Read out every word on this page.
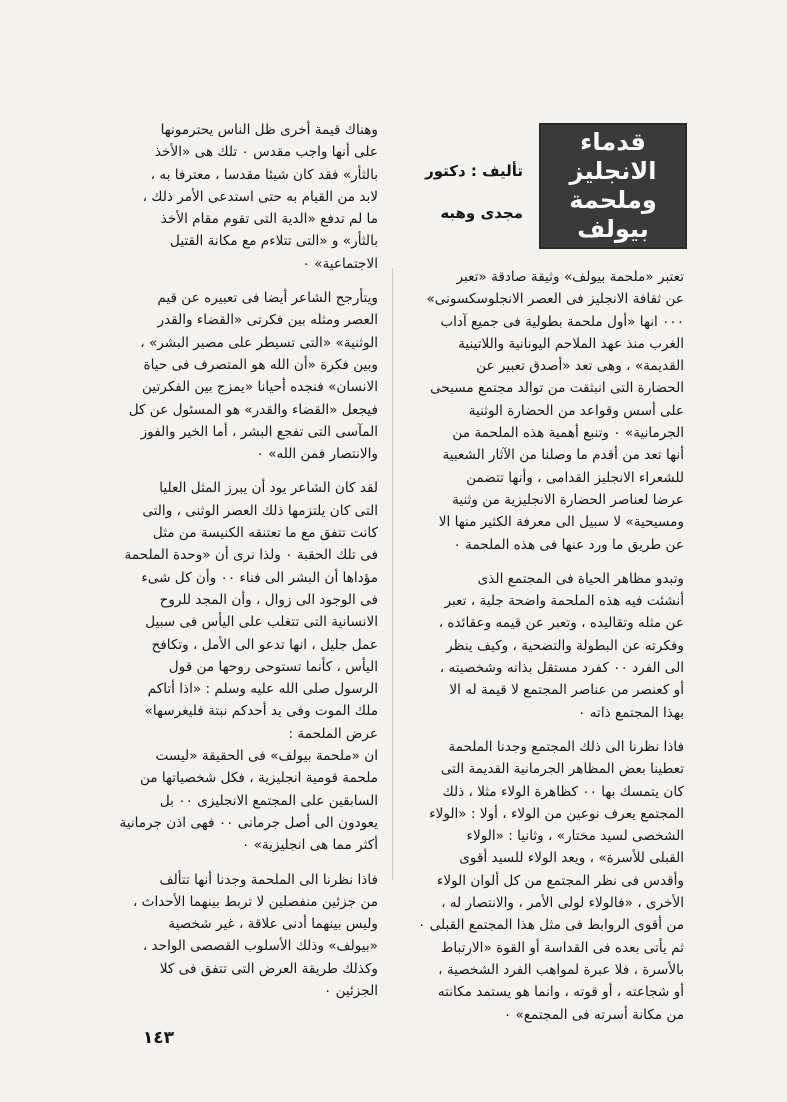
قدماء
الانجليز
وملحمة
بيولف
تأليف : دكتور
مجدى وهبه

تعتبر «ملحمة بيولف» وثيقة صادقة «تعبر

عن ثقافة الانجليز فى العصر الانجلوسكسونى»

٠٠٠ انها «أول ملحمة بطولية فى جميع آداب

الغرب منذ عهد الملاحم اليونانية واللاتينية

القديمة» ، وهى تعد «أصدق تعبير عن

الحضارة التى انبثقت من توالد مجتمع مسيحى

على أسس وقواعد من الحضارة الوثنية

الجرمانية» ٠ وتنبع أهمية هذه الملحمة من

أنها تعد من أقدم ما وصلنا من الآثار الشعبية

للشعراء الانجليز القدامى ، وأنها تتضمن

عرضا لعناصر الحضارة الانجليزية من وثنية

ومسيحية» لا سبيل الى معرفة الكثير منها الا

عن طريق ما ورد عنها فى هذه الملحمة ٠

وتبدو مظاهر الحياة فى المجتمع الذى

أنشئت فيه هذه الملحمة واضحة جلية ، تعبر

عن مثله وتقاليده ، وتعبر عن قيمه وعقائده ،

وفكرته عن البطولة والتضحية ، وكيف ينظر

الى الفرد ٠٠ كفرد مستقل بذاته وشخصيته ،

أو كعنصر من عناصر المجتمع لا قيمة له الا

بهذا المجتمع ذاته ٠

فاذا نظرنا الى ذلك المجتمع وجدنا الملحمة

تعطينا بعض المظاهر الجرمانية القديمة التى

كان يتمسك بها ٠٠ كظاهرة الولاء مثلا ، ذلك

المجتمع يعرف نوعين من الولاء ، أولا : «الولاء

الشخصى لسيد مختار» ، وثانيا : «الولاء

القبلى للأسرة» ، ويعد الولاء للسيد أقوى

وأقدس فى نظر المجتمع من كل ألوان الولاء

الأخرى ، «فالولاء لولى الأمر ، والانتصار له ،

من أقوى الروابط فى مثل هذا المجتمع القبلى ٠

ثم يأتى بعده فى القداسة أو القوة «الارتباط

بالأسرة ، فلا عبرة لمواهب الفرد الشخصية ،

أو شجاعته ، أو قوته ، وانما هو يستمد مكانته

من مكانة أسرته فى المجتمع» ٠

وهناك قيمة أخرى ظل الناس يحترمونها

على أنها واجب مقدس ٠ تلك هى «الأخذ

بالثأر» فقد كان شيئا مقدسا ، معترفا به ،

لابد من القيام به حتى استدعى الأمر ذلك ،

ما لم تدفع «الدية التى تقوم مقام الأخذ

بالثأر» و «التى تتلاءم مع مكانة القتيل

الاجتماعية» ٠

ويتأرجح الشاعر أيضا فى تعبيره عن قيم

العصر ومثله بين فكرتى «القضاء والقدر

الوثنية» «التى تسيطر على مصير البشر» ،

وبين فكرة «أن الله هو المتصرف فى حياة

الانسان» فنجده أحيانا «يمزج بين الفكرتين

فيجعل «القضاء والقدر» هو المسئول عن كل

المآسى التى تفجع البشر ، أما الخير والفوز

والانتصار فمن الله» ٠

لقد كان الشاعر يود أن يبرز المثل العليا

التى كان يلتزمها ذلك العصر الوثنى ، والتى

كانت تتفق مع ما تعتنقه الكنيسة من مثل

فى تلك الحقبة ٠ ولذا نرى أن «وحدة الملحمة

مؤداها أن البشر الى فناء ٠٠ وأن كل شىء

فى الوجود الى زوال ، وأن المجد للروح

الانسانية التى تتغلب على اليأس فى سبيل

عمل جليل ، انها تدعو الى الأمل ، وتكافح

اليأس ، كأنما تستوحى روحها من قول

الرسول صلى الله عليه وسلم : «اذا أتاكم

ملك الموت وفى يد أحدكم نبتة فليغرسها»

عرض الملحمة :

ان «ملحمة بيولف» فى الحقيقة «ليست

ملحمة قومية انجليزية ، فكل شخصياتها من

السابقين على المجتمع الانجليزى ٠٠ بل

يعودون الى أصل جرمانى ٠٠ فهى اذن جرمانية

أكثر مما هى انجليزية» ٠

فاذا نظرنا الى الملحمة وجدنا أنها تتألف

من جزئين منفصلين لا تربط بينهما الأحداث ،

وليس بينهما أدنى علاقة ، غير شخصية

«بيولف» وذلك الأسلوب القصصى الواحد ،

وكذلك طريقة العرض التى تتفق فى كلا

الجزئين ٠

١٤٣
